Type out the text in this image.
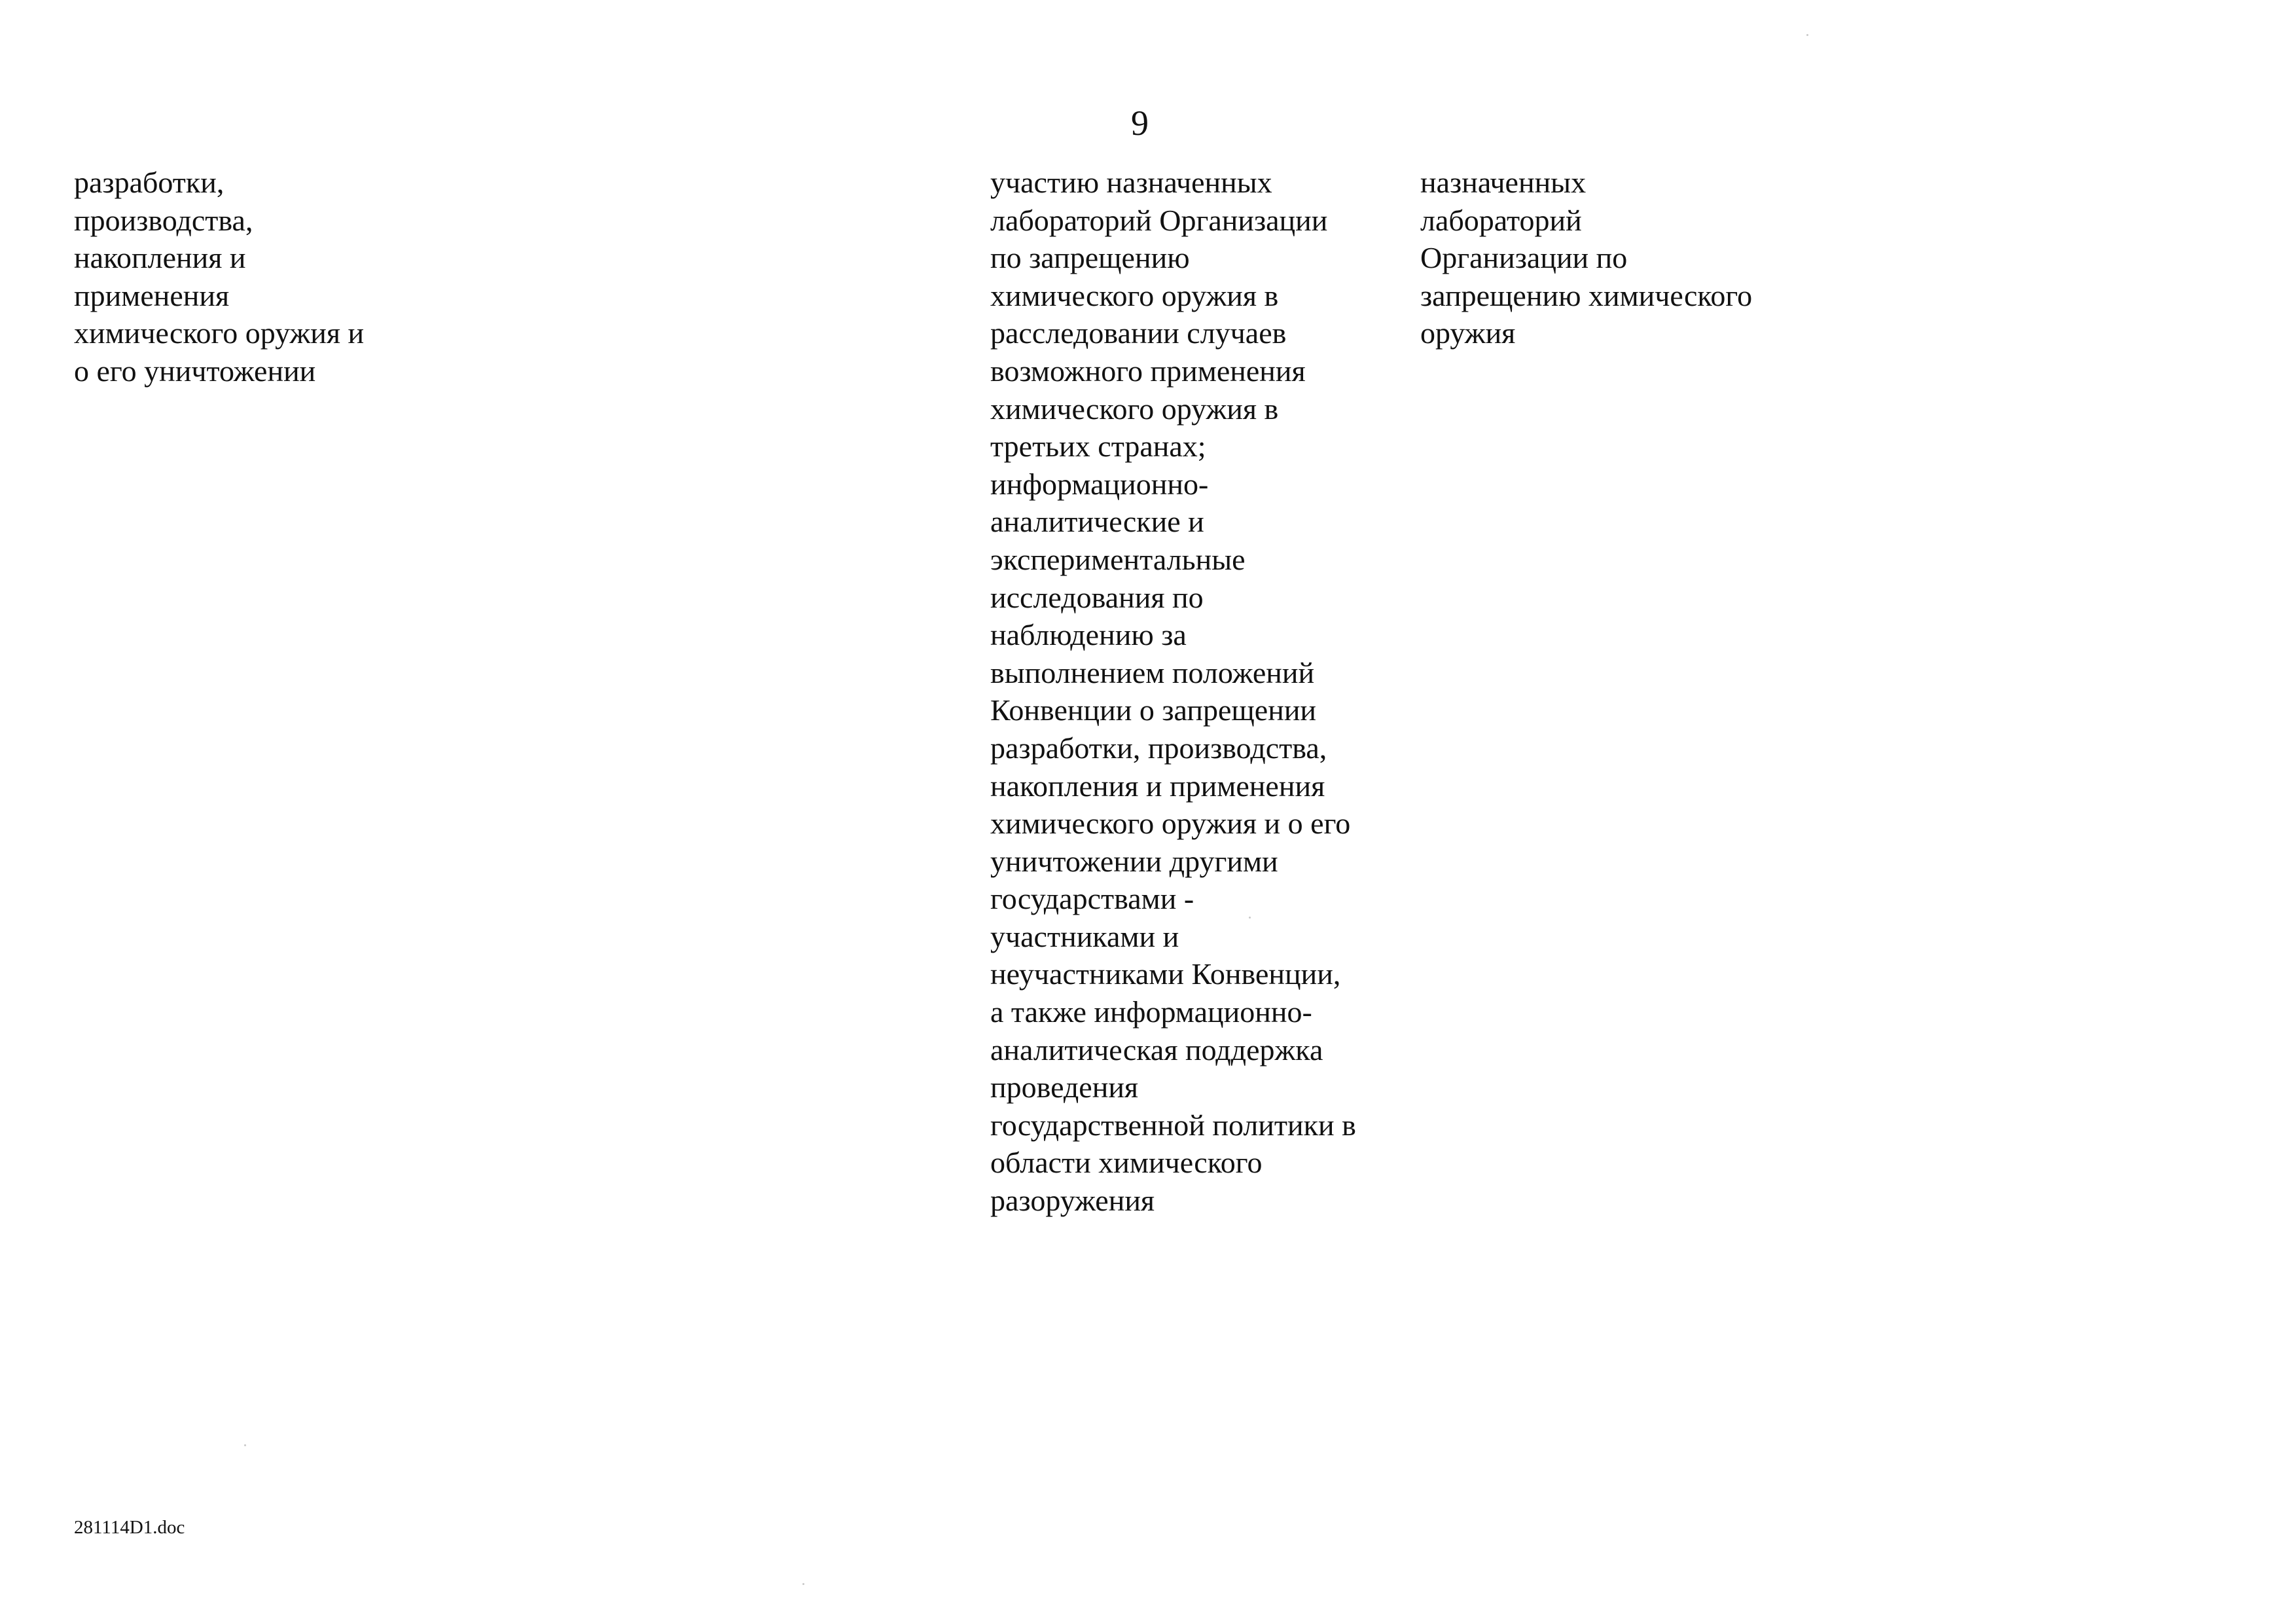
9
разработки,
производства,
накопления и
применения
химического оружия и
о его уничтожении
участию назначенных
лабораторий Организации
по запрещению
химического оружия в
расследовании случаев
возможного применения
химического оружия в
третьих странах;
информационно-
аналитические и
экспериментальные
исследования по
наблюдению за
выполнением положений
Конвенции о запрещении
разработки, производства,
накопления и применения
химического оружия и о его
уничтожении другими
государствами -
участниками и
неучастниками Конвенции,
а также информационно-
аналитическая поддержка
проведения
государственной политики в
области химического
разоружения
назначенных
лабораторий
Организации по
запрещению химического
оружия
281114D1.doc
